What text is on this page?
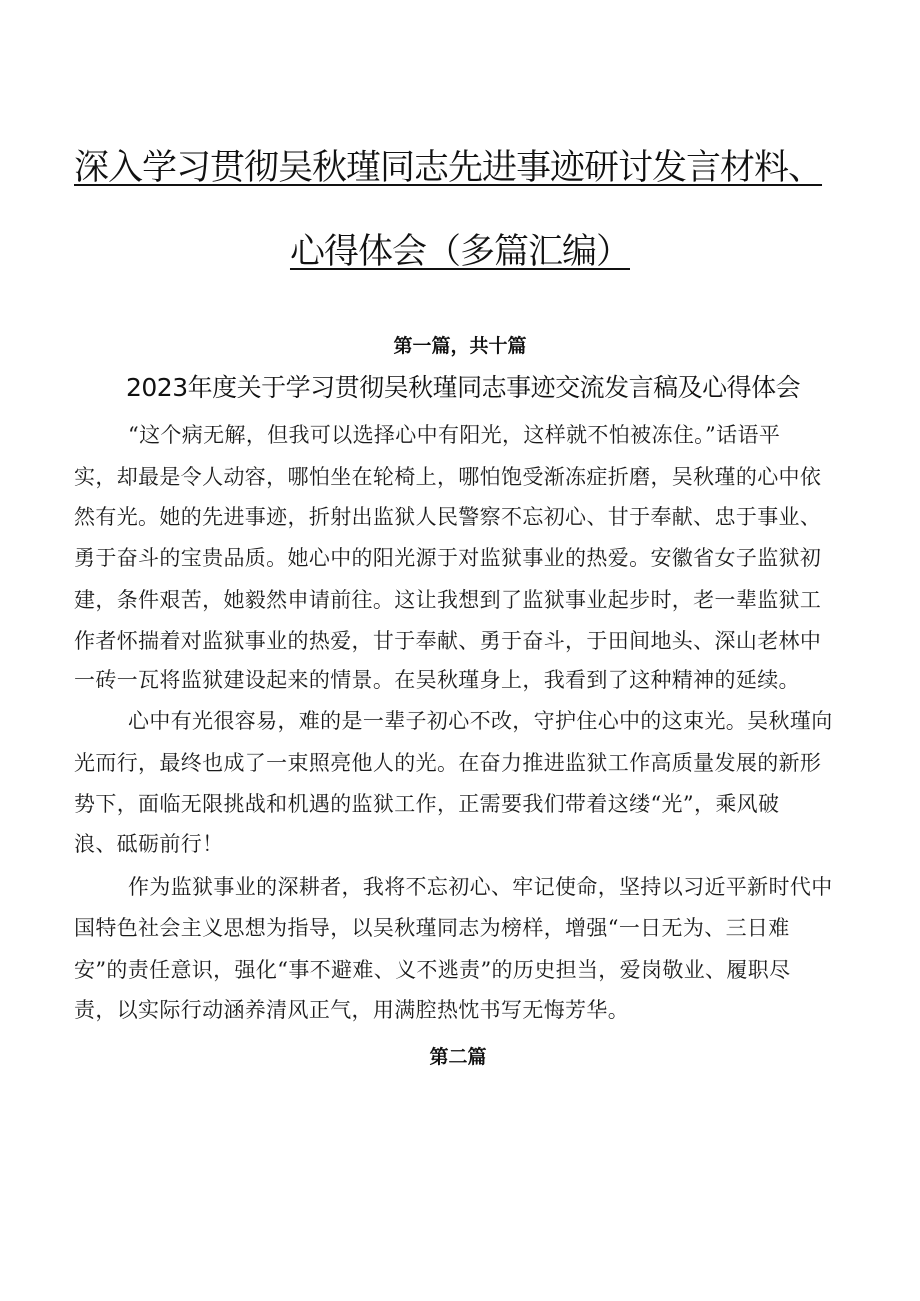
深入学习贯彻吴秋瑾同志先进事迹研讨发言材料、
心得体会（多篇汇编）
第一篇，共十篇
2023年度关于学习贯彻吴秋瑾同志事迹交流发言稿及心得体会
“这个病无解，但我可以选择心中有阳光，这样就不怕被冻住。”话语平
实，却最是令人动容，哪怕坐在轮椅上，哪怕饱受渐冻症折磨，吴秋瑾的心中依
然有光。她的先进事迹，折射出监狱人民警察不忘初心、甘于奉献、忠于事业、
勇于奋斗的宝贵品质。她心中的阳光源于对监狱事业的热爱。安徽省女子监狱初
建，条件艰苦，她毅然申请前往。这让我想到了监狱事业起步时，老一辈监狱工
作者怀揣着对监狱事业的热爱，甘于奉献、勇于奋斗，于田间地头、深山老林中
一砖一瓦将监狱建设起来的情景。在吴秋瑾身上，我看到了这种精神的延续。
心中有光很容易，难的是一辈子初心不改，守护住心中的这束光。吴秋瑾向
光而行，最终也成了一束照亮他人的光。在奋力推进监狱工作高质量发展的新形
势下，面临无限挑战和机遇的监狱工作，正需要我们带着这缕“光”，乘风破
浪、砥砺前行！
作为监狱事业的深耕者，我将不忘初心、牢记使命，坚持以习近平新时代中
国特色社会主义思想为指导，以吴秋瑾同志为榜样，增强“一日无为、三日难
安”的责任意识，强化“事不避难、义不逃责”的历史担当，爱岗敬业、履职尽
责，以实际行动涵养清风正气，用满腔热忱书写无悔芳华。
第二篇
